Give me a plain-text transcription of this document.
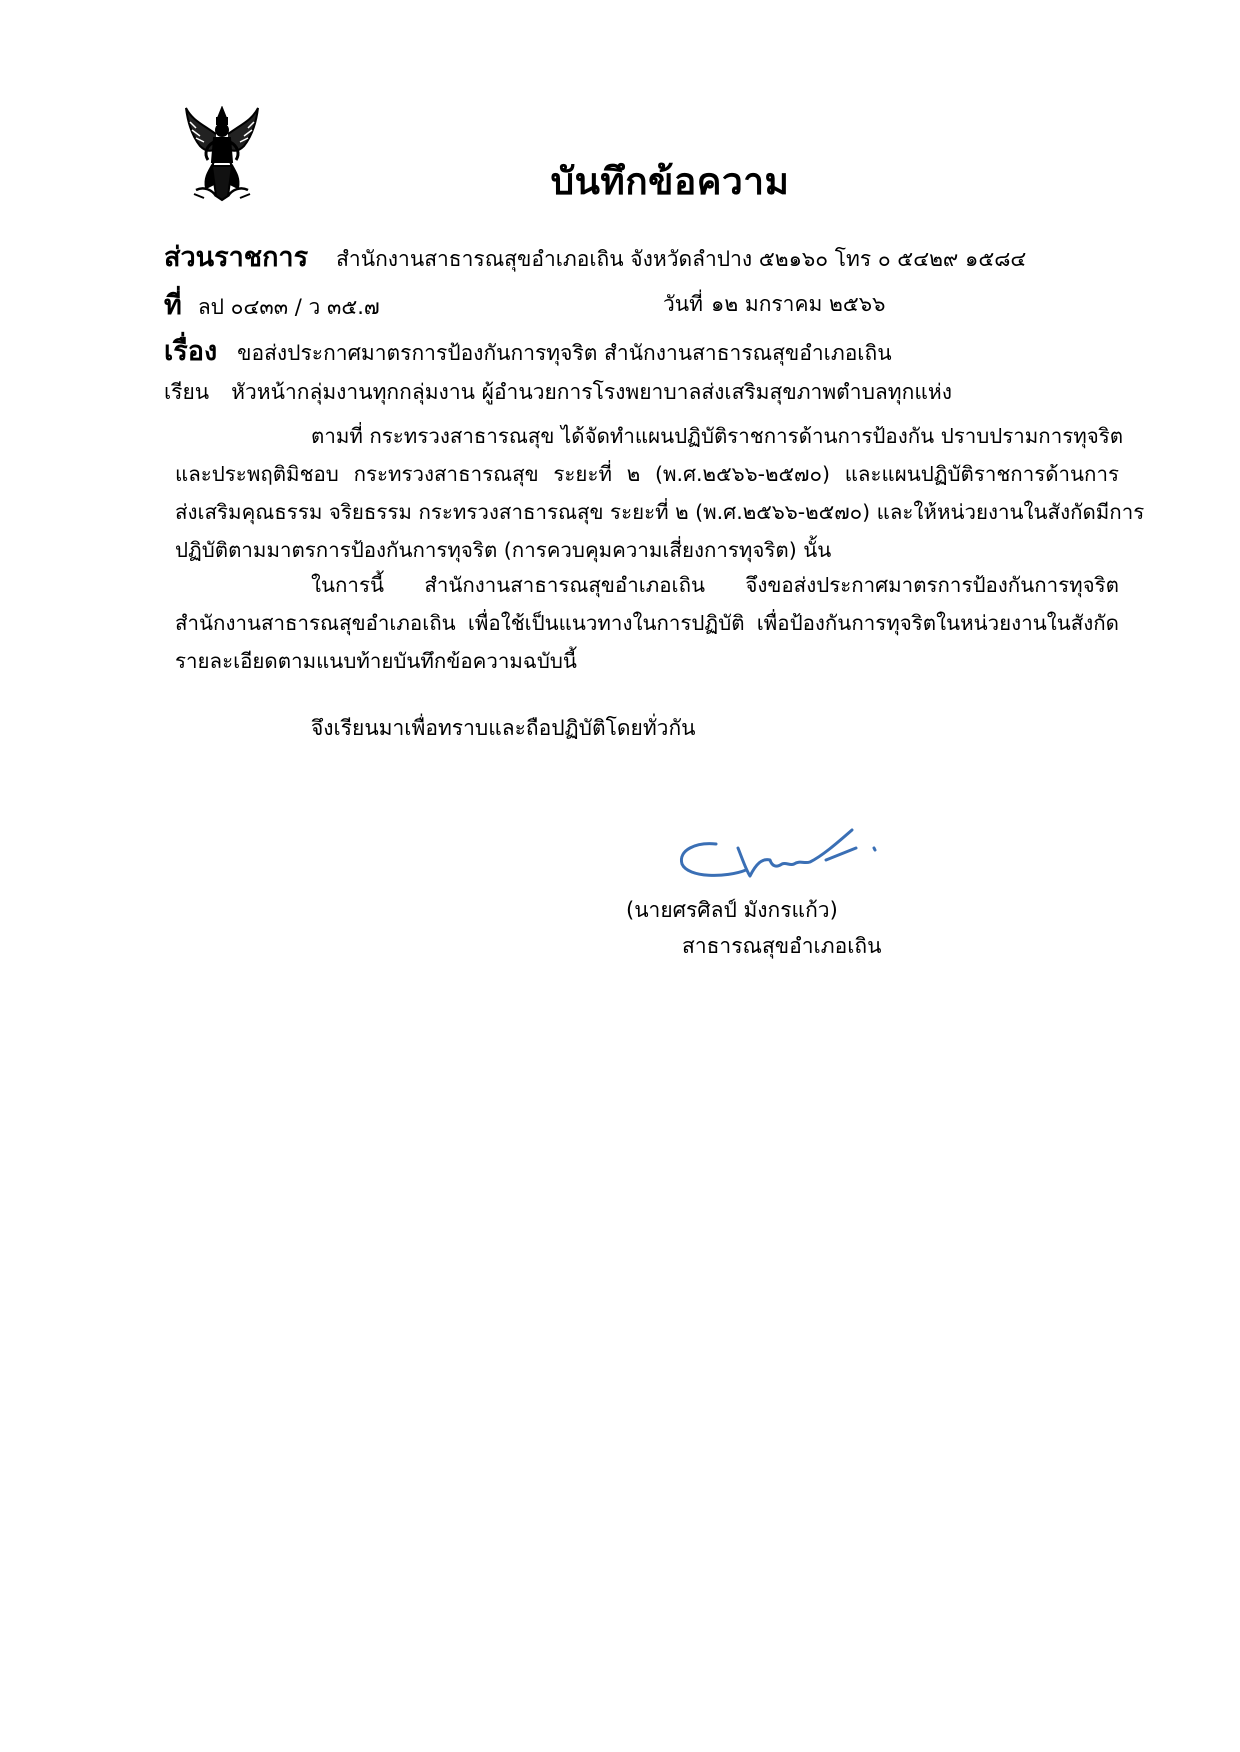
บันทึกข้อความ
ส่วนราชการ สำนักงานสาธารณสุขอำเภอเถิน จังหวัดลำปาง ๕๒๑๖๐ โทร ๐ ๕๔๒๙ ๑๕๘๔
ที่ ลป ๐๔๓๓ / ว ๓๕.๗	วันที่ ๑๒ มกราคม ๒๕๖๖
เรื่อง ขอส่งประกาศมาตรการป้องกันการทุจริต สำนักงานสาธารณสุขอำเภอเถิน
เรียน หัวหน้ากลุ่มงานทุกกลุ่มงาน ผู้อำนวยการโรงพยาบาลส่งเสริมสุขภาพตำบลทุกแห่ง
ตามที่ กระทรวงสาธารณสุข ได้จัดทำแผนปฏิบัติราชการด้านการป้องกัน ปราบปรามการทุจริต
และประพฤติมิชอบ กระทรวงสาธารณสุข ระยะที่ ๒ (พ.ศ.๒๕๖๖-๒๕๗๐) และแผนปฏิบัติราชการด้านการ
ส่งเสริมคุณธรรม จริยธรรม กระทรวงสาธารณสุข ระยะที่ ๒ (พ.ศ.๒๕๖๖-๒๕๗๐) และให้หน่วยงานในสังกัดมีการ
ปฏิบัติตามมาตรการป้องกันการทุจริต (การควบคุมความเสี่ยงการทุจริต) นั้น
ในการนี้ สำนักงานสาธารณสุขอำเภอเถิน จึงขอส่งประกาศมาตรการป้องกันการทุจริต
สำนักงานสาธารณสุขอำเภอเถิน เพื่อใช้เป็นแนวทางในการปฏิบัติ เพื่อป้องกันการทุจริตในหน่วยงานในสังกัด
รายละเอียดตามแนบท้ายบันทึกข้อความฉบับนี้
จึงเรียนมาเพื่อทราบและถือปฏิบัติโดยทั่วกัน
(นายศรศิลป์ มังกรแก้ว)
สาธารณสุขอำเภอเถิน
